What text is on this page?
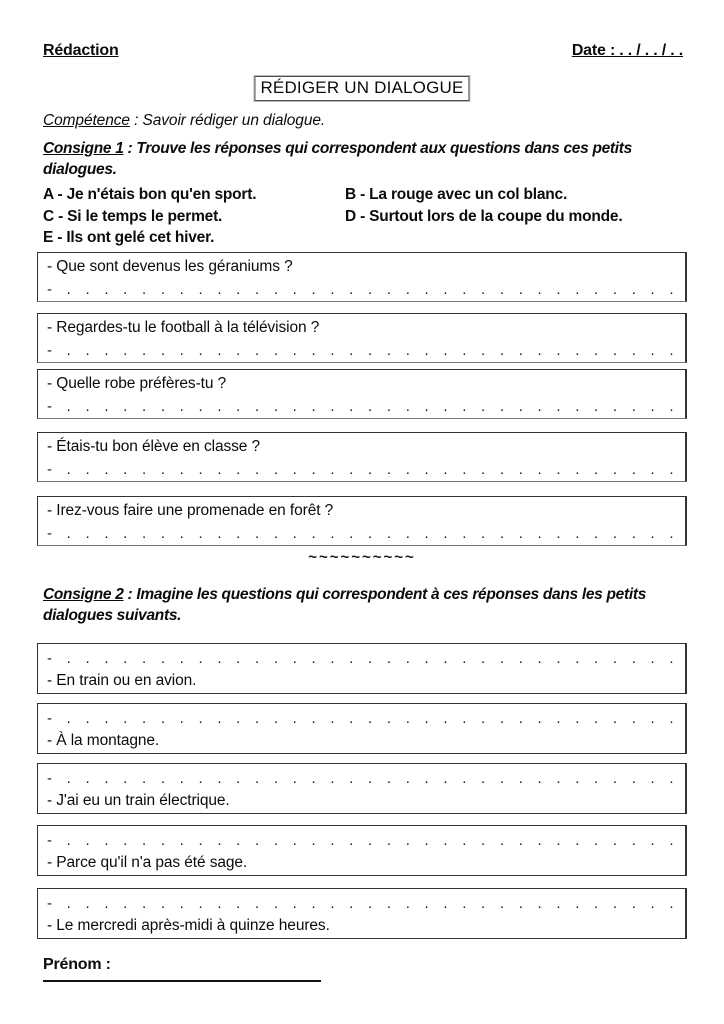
Rédaction	Date : . . / . . / . .
RÉDIGER UN DIALOGUE
Compétence : Savoir rédiger un dialogue.
Consigne 1 : Trouve les réponses qui correspondent aux questions dans ces petits dialogues.
A - Je n'étais bon qu'en sport.	B - La rouge avec un col blanc.
C - Si le temps le permet.	D - Surtout lors de la coupe du monde.
E - Ils ont gelé cet hiver.
- Que sont devenus les géraniums ?
- . . . . . . . . . . . . . . . . . . . . . . . . . . . . . . . . .
- Regardes-tu le football à la télévision ?
- . . . . . . . . . . . . . . . . . . . . . . . . . . . . . . . . .
- Quelle robe préfères-tu ?
- . . . . . . . . . . . . . . . . . . . . . . . . . . . . . . . . .
- Étais-tu bon élève en classe ?
- . . . . . . . . . . . . . . . . . . . . . . . . . . . . . . . . .
- Irez-vous faire une promenade en forêt ?
- . . . . . . . . . . . . . . . . . . . . . . . . . . . . . . . . .
~~~~~~~~~~
Consigne 2 : Imagine les questions qui correspondent à ces réponses dans les petits dialogues suivants.
- . . . . . . . . . . . . . . . . . . . . . . . . . . . . . . . . .
- En train ou en avion.
- . . . . . . . . . . . . . . . . . . . . . . . . . . . . . . . . .
- À la montagne.
- . . . . . . . . . . . . . . . . . . . . . . . . . . . . . . . . .
- J'ai eu un train électrique.
- . . . . . . . . . . . . . . . . . . . . . . . . . . . . . . . . .
- Parce qu'il n'a pas été sage.
- . . . . . . . . . . . . . . . . . . . . . . . . . . . . . . . . .
- Le mercredi après-midi à quinze heures.
Prénom :
